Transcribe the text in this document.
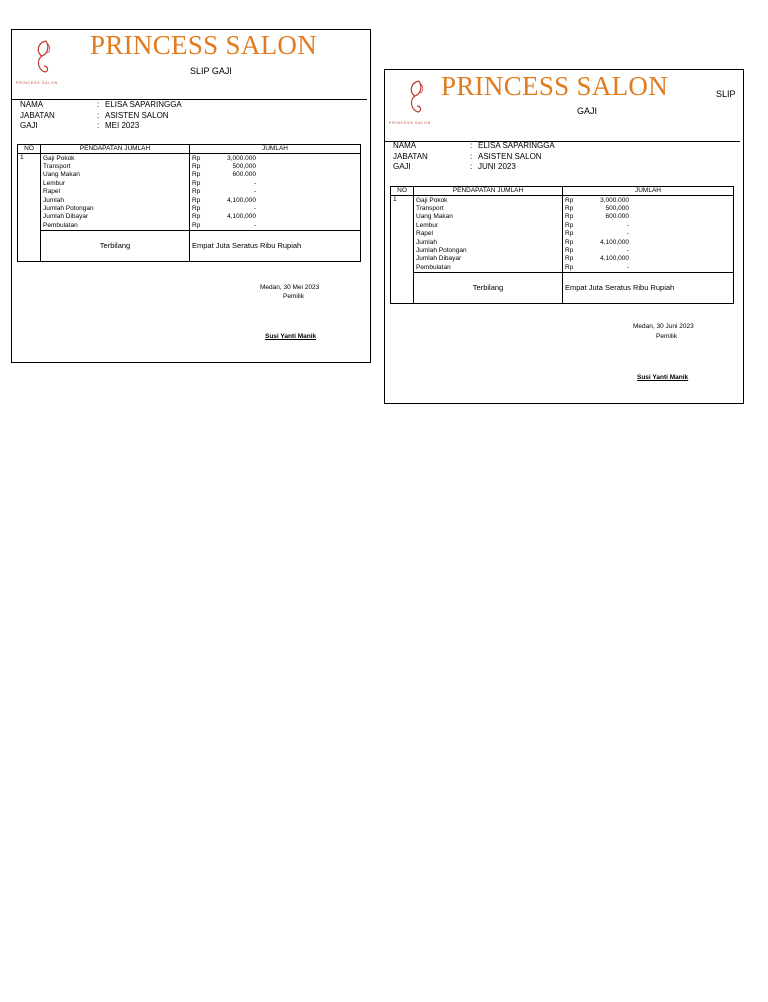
PRINCESS SALON
PRINCESS SALON
SLIP GAJI
NAMA	: ELISA SAPARINGGA
JABATAN	: ASISTEN SALON
GAJI	: MEI 2023
NO	PENDAPATAN JUMLAH	JUMLAH
1	Gaji Pokok	Rp 3,000.000
	Transport	Rp 500,000
	Uang Makan	Rp 600.000
	Lembur	Rp -
	Rapel	Rp -
	Jumlah	Rp 4,100,000
	Jumlah Potongan	Rp -
	Jumlah Dibayar	Rp 4,100,000
	Pembulatan	Rp -
	Terbilang	Empat Juta Seratus Ribu Rupiah
Medan, 30 Mei 2023
Pemilik
Susi Yanti Manik
PRINCESS SALON
PRINCESS SALON	SLIP
GAJI
NAMA	: ELISA SAPARINGGA
JABATAN	: ASISTEN SALON
GAJI	: JUNI 2023
NO	PENDAPATAN JUMLAH	JUMLAH
1	Gaji Pokok	Rp 3,000.000
	Transport	Rp 500,000
	Uang Makan	Rp 600.000
	Lembur	Rp -
	Rapel	Rp -
	Jumlah	Rp 4,100,000
	Jumlah Potongan	Rp -
	Jumlah Dibayar	Rp 4,100,000
	Pembulatan	Rp -
	Terbilang	Empat Juta Seratus Ribu Rupiah
Medan, 30 Juni 2023
Pemilik
Susi Yanti Manik
